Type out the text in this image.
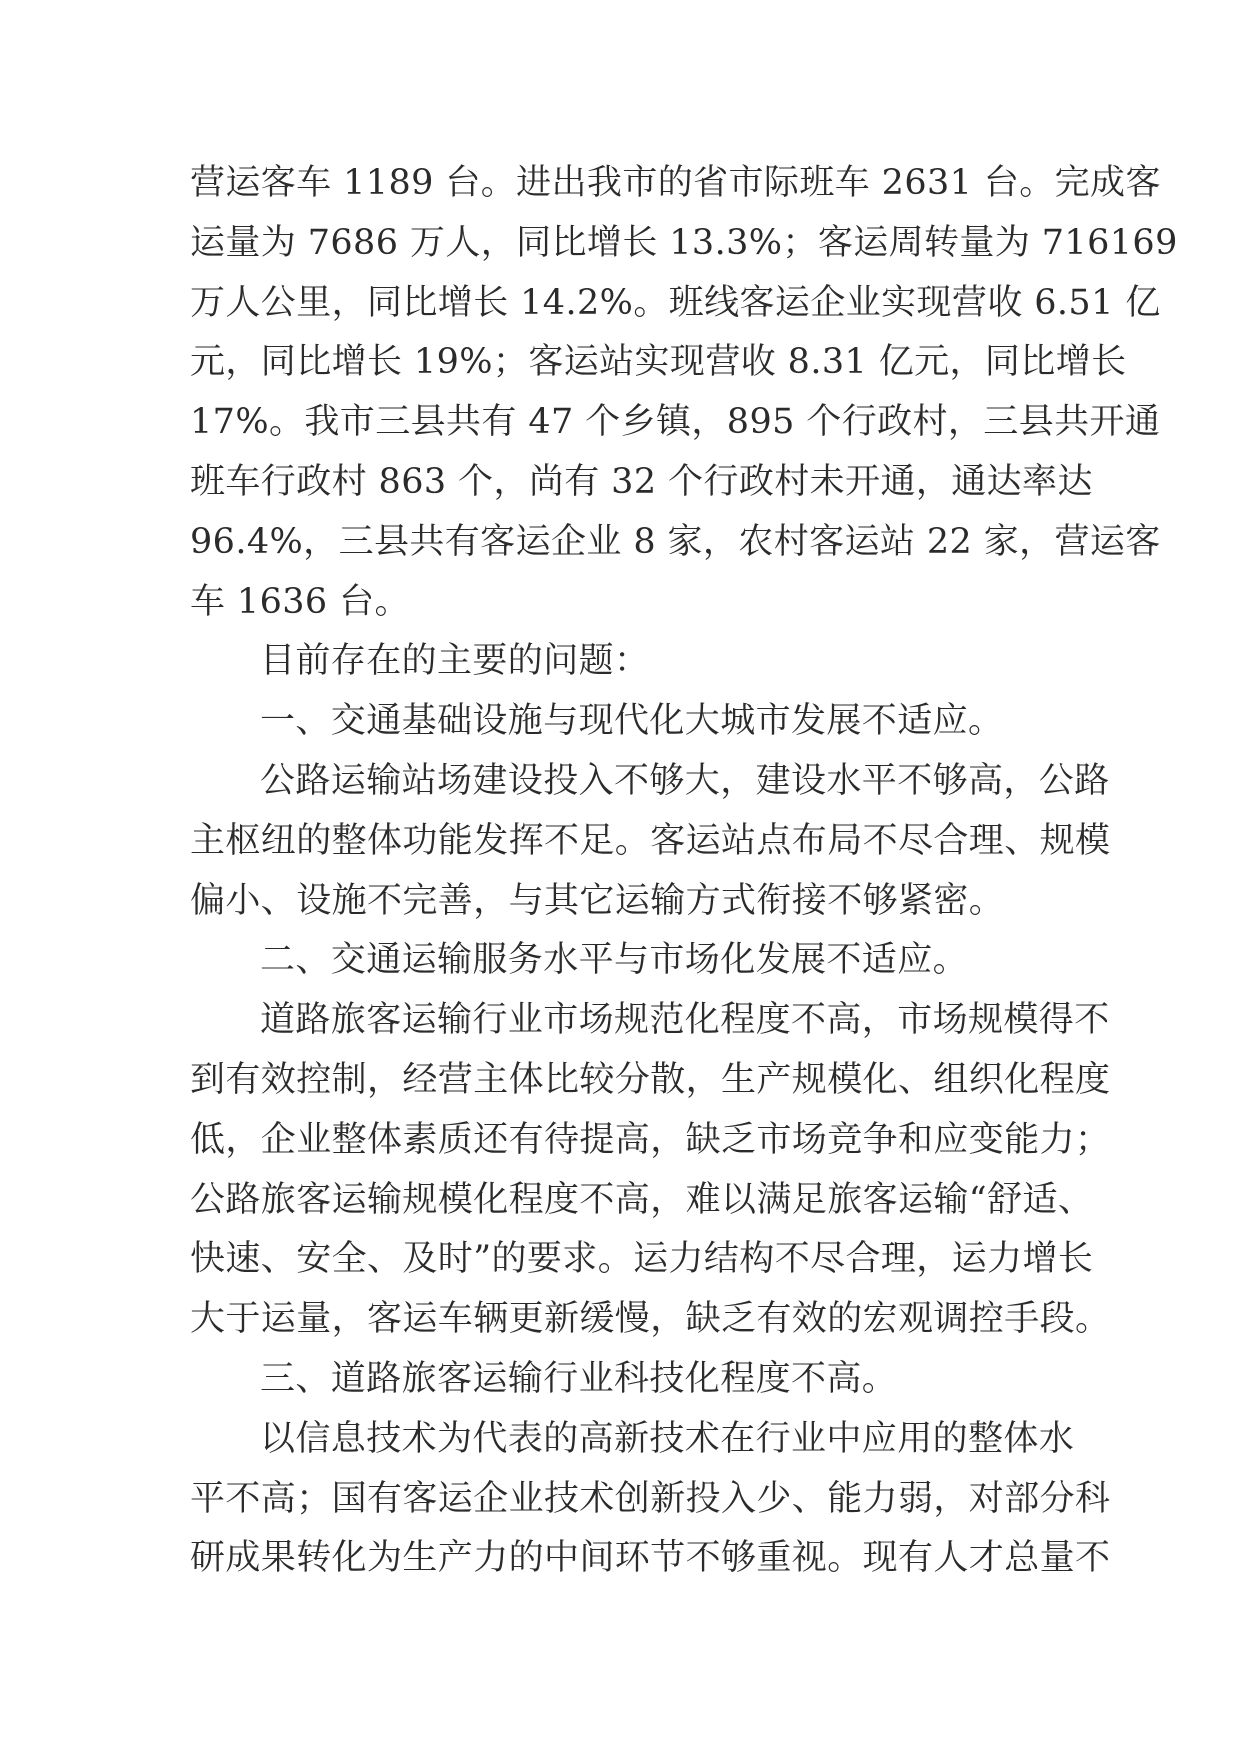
营运客车 1189 台。进出我市的省市际班车 2631 台。完成客
运量为 7686 万人，同比增长 13.3%；客运周转量为 716169
万人公里，同比增长 14.2%。班线客运企业实现营收 6.51 亿
元，同比增长 19%；客运站实现营收 8.31 亿元，同比增长
17%。我市三县共有 47 个乡镇，895 个行政村，三县共开通
班车行政村 863 个，尚有 32 个行政村未开通，通达率达
96.4%，三县共有客运企业 8 家，农村客运站 22 家，营运客
车 1636 台。
目前存在的主要的问题：
一、交通基础设施与现代化大城市发展不适应。
公路运输站场建设投入不够大，建设水平不够高，公路
主枢纽的整体功能发挥不足。客运站点布局不尽合理、规模
偏小、设施不完善，与其它运输方式衔接不够紧密。
二、交通运输服务水平与市场化发展不适应。
道路旅客运输行业市场规范化程度不高，市场规模得不
到有效控制，经营主体比较分散，生产规模化、组织化程度
低，企业整体素质还有待提高，缺乏市场竞争和应变能力；
公路旅客运输规模化程度不高，难以满足旅客运输“舒适、
快速、安全、及时”的要求。运力结构不尽合理，运力增长
大于运量，客运车辆更新缓慢，缺乏有效的宏观调控手段。
三、道路旅客运输行业科技化程度不高。
以信息技术为代表的高新技术在行业中应用的整体水
平不高；国有客运企业技术创新投入少、能力弱，对部分科
研成果转化为生产力的中间环节不够重视。现有人才总量不
